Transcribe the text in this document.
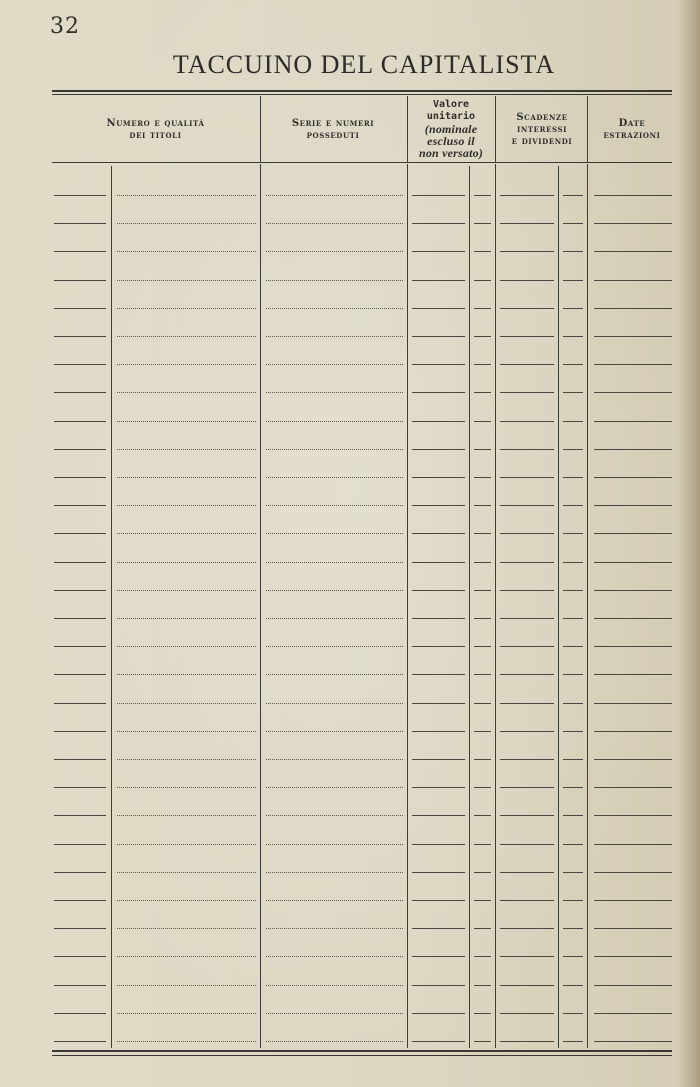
32
TACCUINO DEL CAPITALISTA
Numero e qualità
dei titoli
Serie e numeri
posseduti
Valore unitario
(nominale
escluso il
non versato)
Scadenze
interessi
e dividendi
Date
estrazioni
